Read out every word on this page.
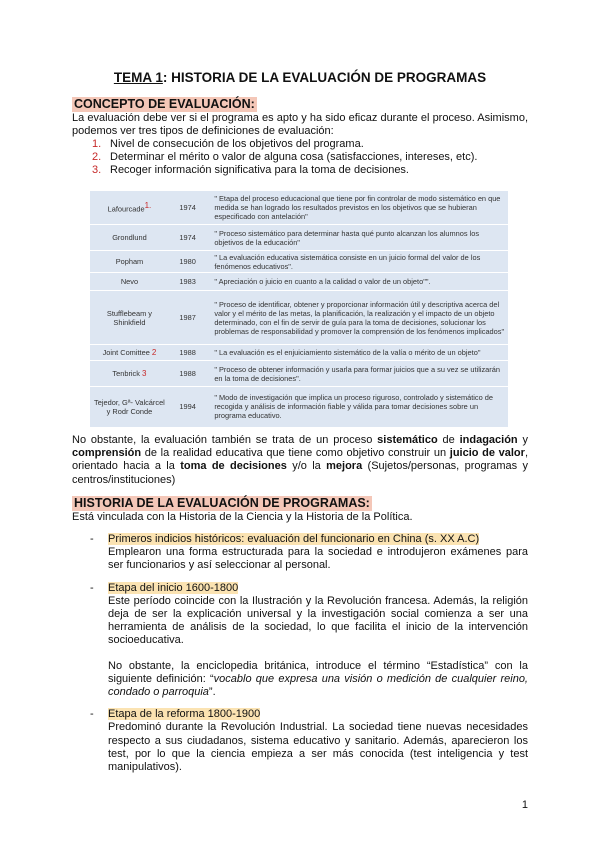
TEMA 1: HISTORIA DE LA EVALUACIÓN DE PROGRAMAS
CONCEPTO DE EVALUACIÓN:
La evaluación debe ver si el programa es apto y ha sido eficaz durante el proceso. Asimismo, podemos ver tres tipos de definiciones de evaluación:
1. Nivel de consecución de los objetivos del programa.
2. Determinar el mérito o valor de alguna cosa (satisfacciones, intereses, etc).
3. Recoger información significativa para la toma de decisiones.
Lafourcade$^{1.}$	1974	" Etapa del proceso educacional que tiene por fin controlar de modo sistemático en que medida se han logrado los resultados previstos en los objetivos que se hubieran especificado con antelación"
Grondlund	1974	" Proceso sistemático para determinar hasta qué punto alcanzan los alumnos los objetivos de la educación"
Popham	1980	" La evaluación educativa sistemática consiste en un juicio formal del valor de los fenómenos educativos".
Nevo	1983	" Apreciación o juicio en cuanto a la calidad o valor de un objeto"".
Stufflebeam y Shinkfield	1987	" Proceso de identificar, obtener y proporcionar información útil y descriptiva acerca del valor y el mérito de las metas, la planificación, la realización y el impacto de un objeto determinado, con el fin de servir de guía para la toma de decisiones, solucionar los problemas de responsabilidad y promover la comprensión de los fenómenos implicados"
Joint Comittee 2	1988	" La evaluación es el enjuiciamiento sistemático de la valía o mérito de un objeto"
Tenbrick 3	1988	" Proceso de obtener información y usarla para formar juicios que a su vez se utilizarán en la toma de decisiones".
Tejedor, Gª- Valcárcel y Rodr Conde	1994	" Modo de investigación que implica un proceso riguroso, controlado y sistemático de recogida y análisis de información fiable y válida para tomar decisiones sobre un programa educativo.
No obstante, la evaluación también se trata de un proceso sistemático de indagación y comprensión de la realidad educativa que tiene como objetivo construir un juicio de valor, orientado hacia a la toma de decisiones y/o la mejora (Sujetos/personas, programas y centros/instituciones)
HISTORIA DE LA EVALUACIÓN DE PROGRAMAS:
Está vinculada con la Historia de la Ciencia y la Historia de la Política.
- Primeros indicios históricos: evaluación del funcionario en China (s. XX A.C)

Emplearon una forma estructurada para la sociedad e introdujeron exámenes para ser funcionarios y así seleccionar al personal.

- Etapa del inicio 1600-1800

Este período coincide con la Ilustración y la Revolución francesa. Además, la religión deja de ser la explicación universal y la investigación social comienza a ser una herramienta de análisis de la sociedad, lo que facilita el inicio de la intervención socioeducativa.

No obstante, la enciclopedia británica, introduce el término “Estadística” con la siguiente definición: “vocablo que expresa una visión o medición de cualquier reino, condado o parroquia”.

- Etapa de la reforma 1800-1900

Predominó durante la Revolución Industrial. La sociedad tiene nuevas necesidades respecto a sus ciudadanos, sistema educativo y sanitario. Además, aparecieron los test, por lo que la ciencia empieza a ser más conocida (test inteligencia y test manipulativos).

1
